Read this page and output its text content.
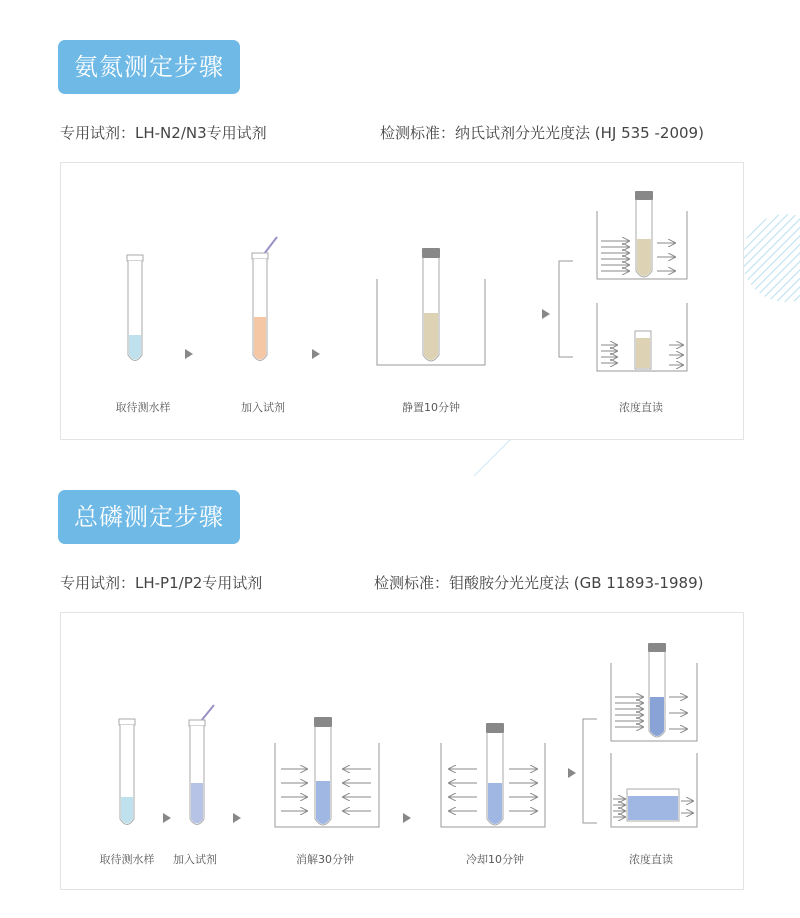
氨氮测定步骤
专用试剂：LH-N2/N3专用试剂	检测标准：纳氏试剂分光光度法 (HJ 535 -2009)
取待测水样	加入试剂	静置10分钟	浓度直读
总磷测定步骤
专用试剂：LH-P1/P2专用试剂	检测标准：钼酸胺分光光度法 (GB 11893-1989)
取待测水样 加入试剂	消解30分钟	冷却10分钟	浓度直读
